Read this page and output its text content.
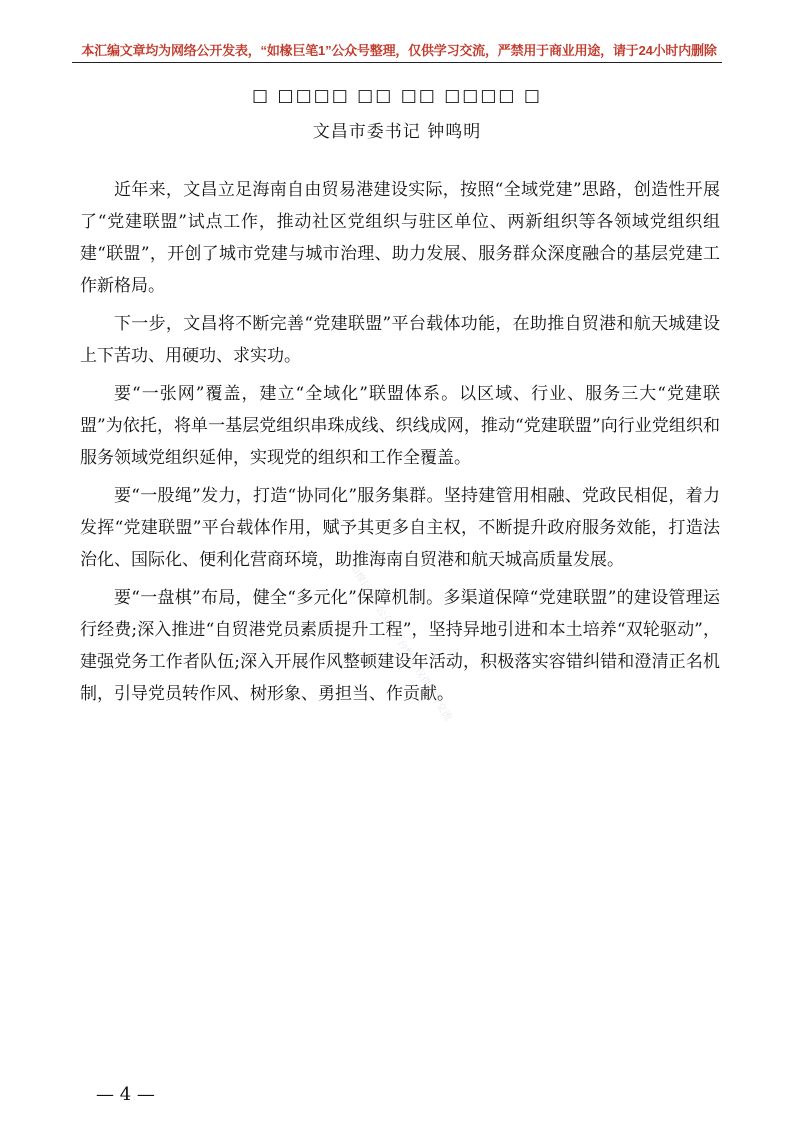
本汇编文章均为网络公开发表，“如椽巨笔1”公众号整理，仅供学习交流，严禁用于商业用途，请于24小时内删除
□ □□□□ □□ □□ □□□□ □
文昌市委书记 钟鸣明

近年来，文昌立足海南自由贸易港建设实际，按照“全域党建”思路，创造性开展了“党建联盟”试点工作，推动社区党组织与驻区单位、两新组织等各领域党组织组建“联盟”，开创了城市党建与城市治理、助力发展、服务群众深度融合的基层党建工作新格局。

下一步，文昌将不断完善“党建联盟”平台载体功能，在助推自贸港和航天城建设上下苦功、用硬功、求实功。

要“一张网”覆盖，建立“全域化”联盟体系。以区域、行业、服务三大“党建联盟”为依托，将单一基层党组织串珠成线、织线成网，推动“党建联盟”向行业党组织和服务领域党组织延伸，实现党的组织和工作全覆盖。

要“一股绳”发力，打造“协同化”服务集群。坚持建管用相融、党政民相促，着力发挥“党建联盟”平台载体作用，赋予其更多自主权，不断提升政府服务效能，打造法治化、国际化、便利化营商环境，助推海南自贸港和航天城高质量发展。

要“一盘棋”布局，健全“多元化”保障机制。多渠道保障“党建联盟”的建设管理运行经费;深入推进“自贸港党员素质提升工程”，坚持异地引进和本土培养“双轮驱动”，建强党务工作者队伍;深入开展作风整顿建设年活动，积极落实容错纠错和澄清正名机制，引导党员转作风、树形象、勇担当、作贡献。

如椽巨笔1 公众号平台整理 仅供学习交流
— 4 —
